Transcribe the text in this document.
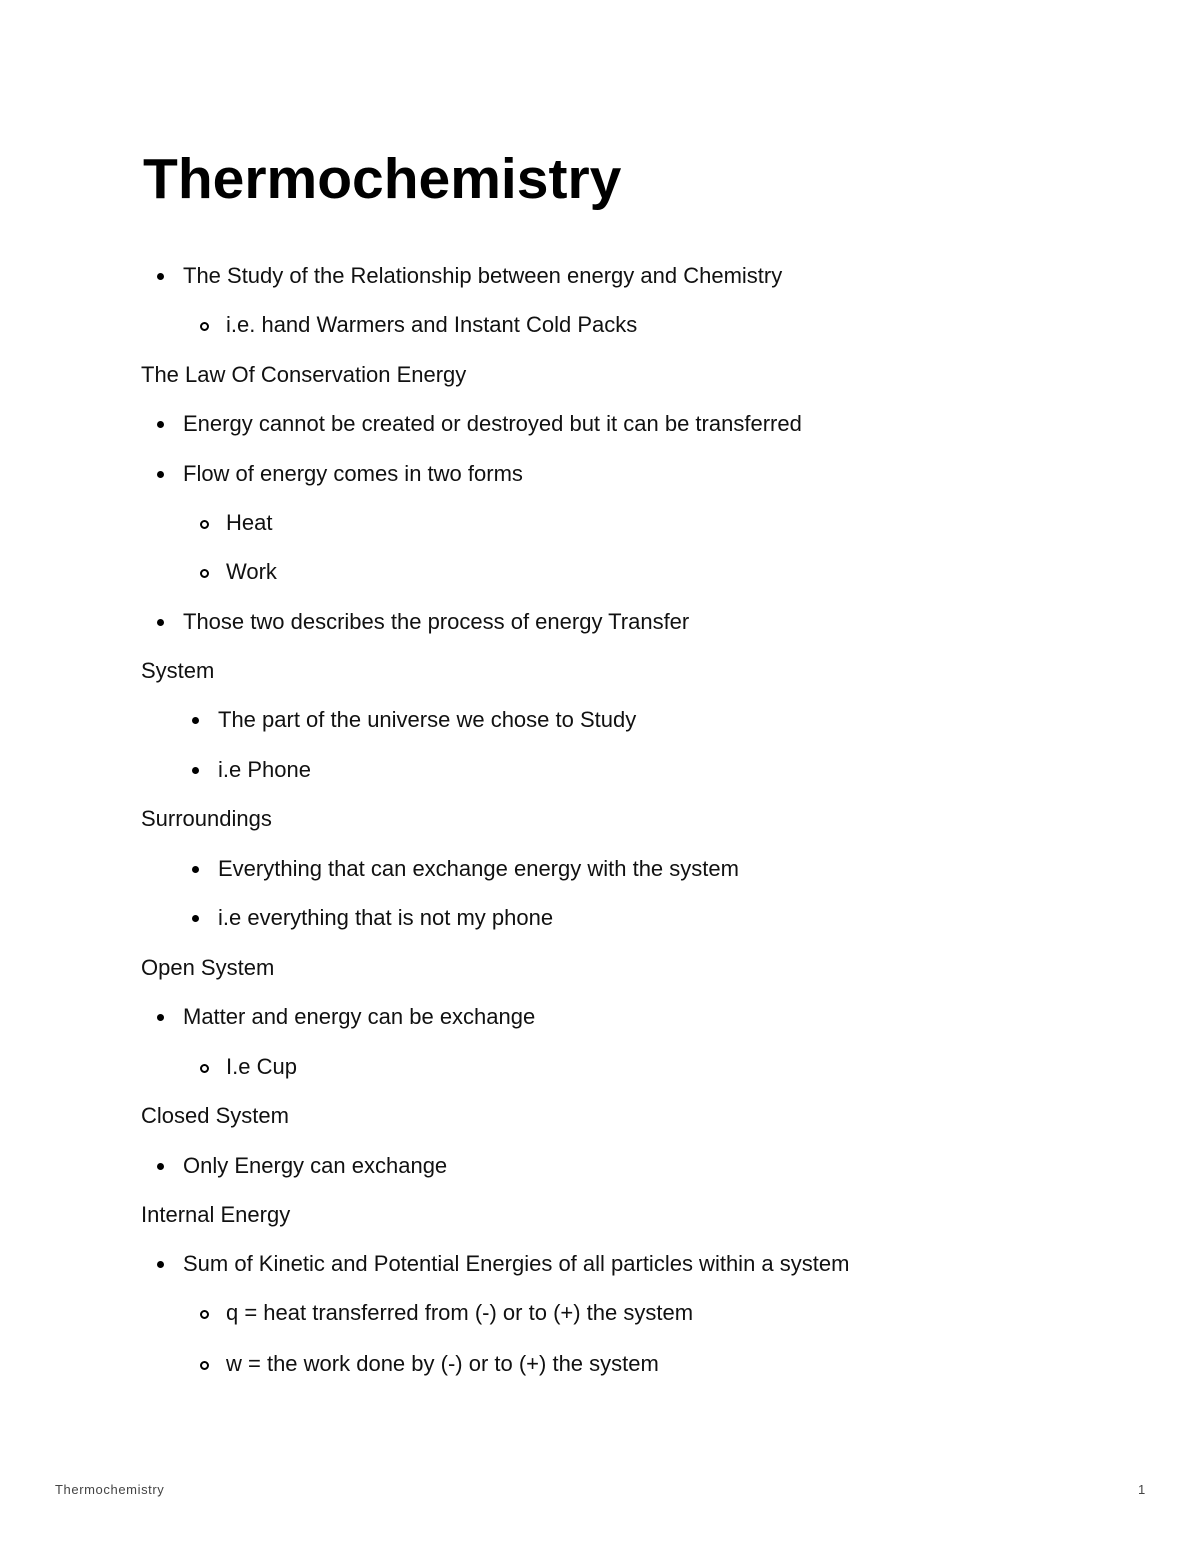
Thermochemistry
The Study of the Relationship between energy and Chemistry
i.e. hand Warmers and Instant Cold Packs
The Law Of Conservation Energy
Energy cannot be created or destroyed but it can be transferred
Flow of energy comes in two forms
Heat
Work
Those two describes the process of energy Transfer
System
The part of the universe we chose to Study
i.e Phone
Surroundings
Everything that can exchange energy with the system
i.e everything that is not my phone
Open System
Matter and energy can be exchange
I.e Cup
Closed System
Only Energy can exchange
Internal Energy
Sum of Kinetic and Potential Energies of all particles within a system
q = heat transferred from (-) or to (+) the system
w = the work done by (-) or to (+) the system
Thermochemistry	1
